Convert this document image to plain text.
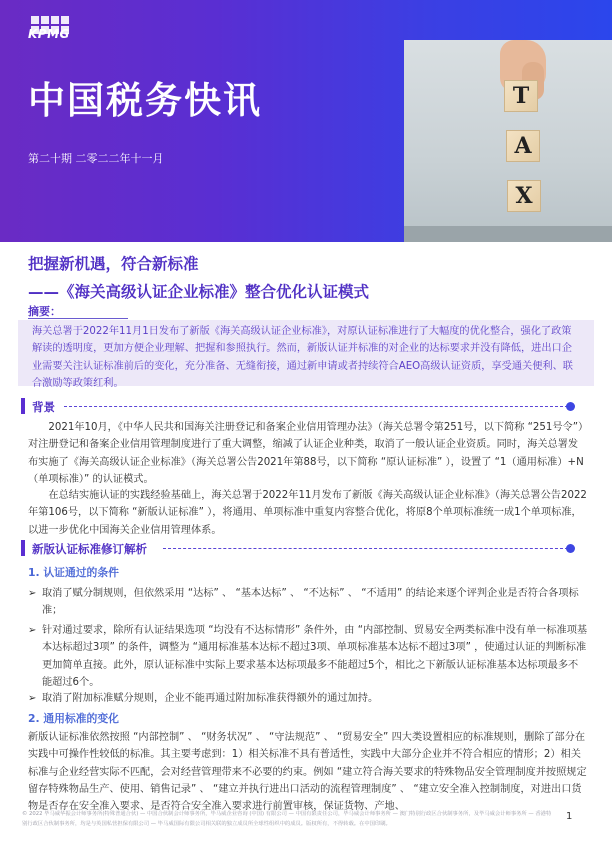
KPMG
中国税务快讯
第二十期 二零二二年十一月
T
A
X
把握新机遇，符合新标准
——《海关高级认证企业标准》整合优化认证模式
摘要：
海关总署于2022年11月1日发布了新版《海关高级认证企业标准》，对原认证标准进行了大幅度的优化整合，强化了政策解读的透明度，更加方便企业理解、把握和参照执行。然而，新版认证并标准的对企业的达标要求并没有降低，进出口企业需要关注认证标准前后的变化，充分准备、无缝衔接，通过新申请或者持续符合AEO高级认证资质，享受通关便利、联合激励等政策红利。
背景
2021年10月，《中华人民共和国海关注册登记和备案企业信用管理办法》（海关总署令第251号，以下简称 “251号令”）对注册登记和备案企业信用管理制度进行了重大调整，缩减了认证企业种类，取消了一般认证企业资质。同时，海关总署发布实施了《海关高级认证企业标准》（海关总署公告2021年第88号，以下简称 “原认证标准” ），设置了 “1（通用标准）+N（单项标准）” 的认证模式。
在总结实施认证的实践经验基础上，海关总署于2022年11月发布了新版《海关高级认证企业标准》（海关总署公告2022年第106号，以下简称 “新版认证标准” ），将通用、单项标准中重复内容整合优化，将原8个单项标准统一成1个单项标准，以进一步优化中国海关企业信用管理体系。
新版认证标准修订解析
1. 认证通过的条件
➢ 取消了赋分制规则，但依然采用 “达标” 、 “基本达标” 、 “不达标” 、 “不适用” 的结论来逐个评判企业是否符合各项标准；
➢ 针对通过要求，除所有认证结果选项 “均没有不达标情形” 条件外，由 “内部控制、贸易安全两类标准中没有单一标准项基本达标超过3项” 的条件，调整为 “通用标准基本达标不超过3项、单项标准基本达标不超过3项” ，使通过认证的判断标准更加简单直接。此外，原认证标准中实际上要求基本达标项最多不能超过5个，相比之下新版认证标准基本达标项最多不能超过6个。
➢ 取消了附加标准赋分规则，企业不能再通过附加标准获得额外的通过加持。
2. 通用标准的变化
新版认证标准依然按照 “内部控制” 、 “财务状况” 、 “守法规范” 、 “贸易安全” 四大类设置相应的标准规则，删除了部分在实践中可操作性较低的标准。其主要考虑到：1）相关标准不具有普适性，实践中大部分企业并不符合相应的情形；2）相关标准与企业经营实际不匹配，会对经营管理带来不必要的约束。例如 “建立符合海关要求的特殊物品安全管理制度并按照规定留存特殊物品生产、使用、销售记录” 、 “建立并执行进出口活动的流程管理制度” 、 “建立安全准入控制制度，对进出口货物是否存在安全准入要求、是否符合安全准入要求进行前置审核，保证货物、产地、
© 2022 毕马威华振会计师事务所(特殊普通合伙) — 中国合伙制会计师事务所，毕马威企业咨询 (中国) 有限公司 — 中国有限责任公司，毕马威会计师事务所 — 澳门特别行政区合伙制事务所，及毕马威会计师事务所 — 香港特别行政区合伙制事务所，均是与英国私营担保有限公司 — 毕马威国际有限公司相关联的独立成员所全球性组织中的成员。版权所有，不得转载。在中国印刷。
1
